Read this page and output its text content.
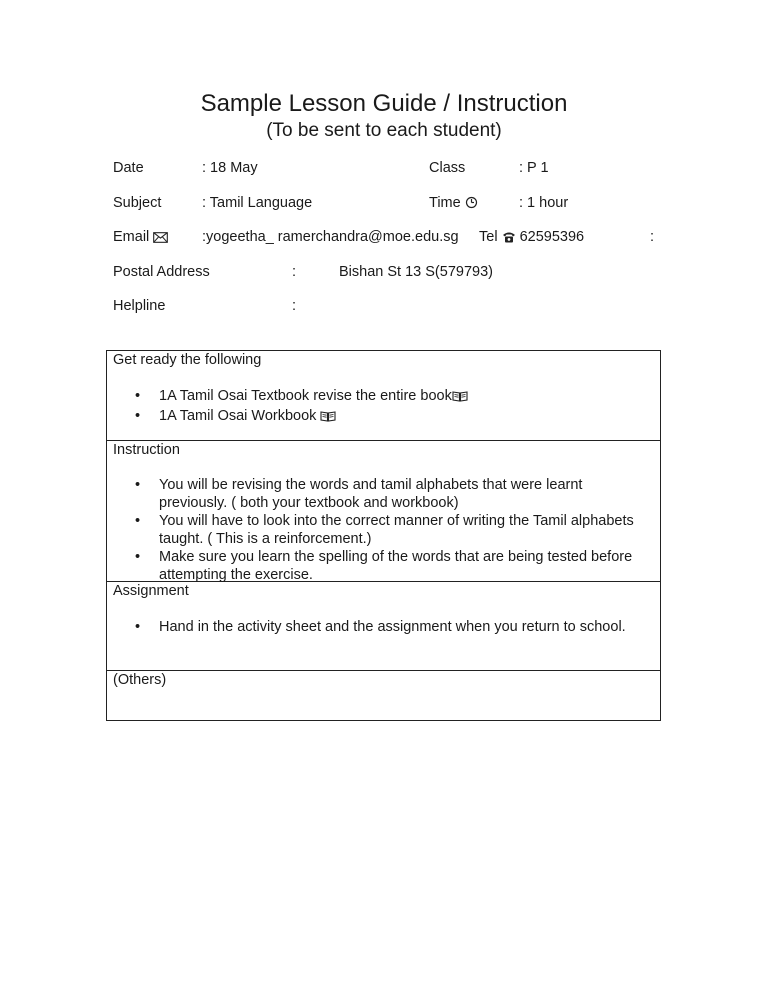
Sample Lesson Guide / Instruction
(To be sent to each student)
Date	: 18 May	Class	: P 1
Subject	: Tamil Language	Time	: 1 hour
Email	:yogeetha_ ramerchandra@moe.edu.sg Tel 62595396	:
Postal Address	:	Bishan St 13 S(579793)
Helpline	:
Get ready the following
• 1A Tamil Osai Textbook revise the entire book
• 1A Tamil Osai Workbook
Instruction
• You will be revising the words and tamil alphabets that were learnt previously. ( both your textbook and workbook)
• You will have to look into the correct manner of writing the Tamil alphabets taught. ( This is a reinforcement.)
• Make sure you learn the spelling of the words that are being tested before attempting the exercise.
Assignment
• Hand in the activity sheet and the assignment when you return to school.
(Others)
